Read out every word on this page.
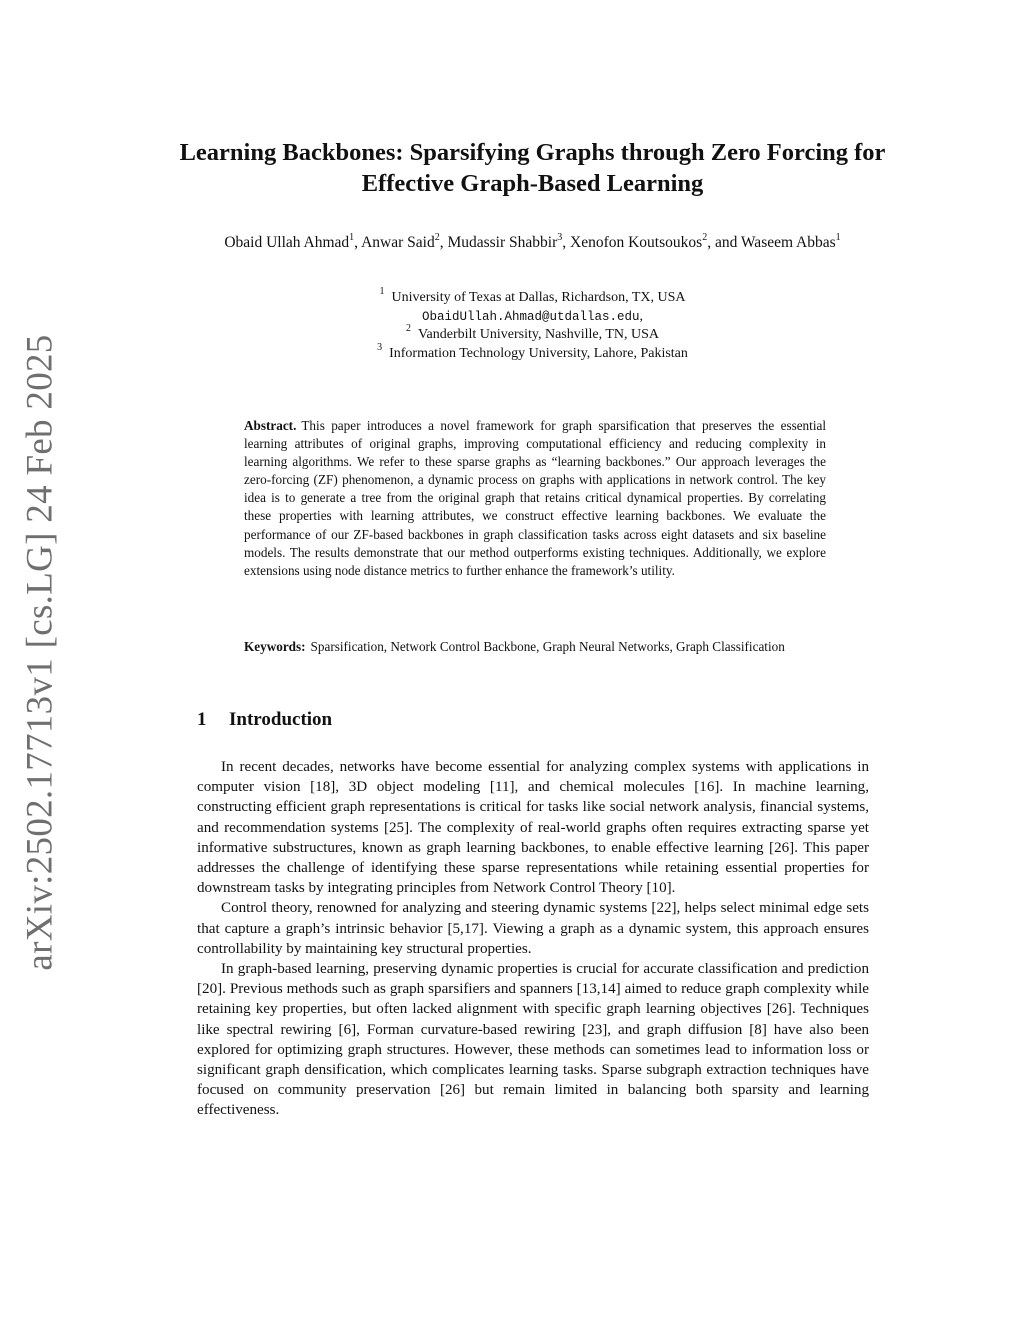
arXiv:2502.17713v1 [cs.LG] 24 Feb 2025
Learning Backbones: Sparsifying Graphs through Zero Forcing for Effective Graph-Based Learning
Obaid Ullah Ahmad$^1$, Anwar Said$^2$, Mudassir Shabbir$^3$, Xenofon Koutsoukos$^2$, and Waseem Abbas$^1$
$^1$ University of Texas at Dallas, Richardson, TX, USA
ObaidUllah.Ahmad@utdallas.edu,
$^2$ Vanderbilt University, Nashville, TN, USA
$^3$ Information Technology University, Lahore, Pakistan

Abstract. This paper introduces a novel framework for graph sparsification that preserves the essential learning attributes of original graphs, improving computational efficiency and reducing complexity in learning algorithms. We refer to these sparse graphs as “learning backbones.” Our approach leverages the zero-forcing (ZF) phenomenon, a dynamic process on graphs with applications in network control. The key idea is to generate a tree from the original graph that retains critical dynamical properties. By correlating these properties with learning attributes, we construct effective learning backbones. We evaluate the performance of our ZF-based backbones in graph classification tasks across eight datasets and six baseline models. The results demonstrate that our method outperforms existing techniques. Additionally, we explore extensions using node distance metrics to further enhance the framework’s utility.

Keywords: Sparsification, Network Control Backbone, Graph Neural Networks, Graph Classification

1 Introduction

In recent decades, networks have become essential for analyzing complex systems with applications in computer vision [18], 3D object modeling [11], and chemical molecules [16]. In machine learning, constructing efficient graph representations is critical for tasks like social network analysis, financial systems, and recommendation systems [25]. The complexity of real-world graphs often requires extracting sparse yet informative substructures, known as graph learning backbones, to enable effective learning [26]. This paper addresses the challenge of identifying these sparse representations while retaining essential properties for downstream tasks by integrating principles from Network Control Theory [10].

Control theory, renowned for analyzing and steering dynamic systems [22], helps select minimal edge sets that capture a graph’s intrinsic behavior [5,17]. Viewing a graph as a dynamic system, this approach ensures controllability by maintaining key structural properties.

In graph-based learning, preserving dynamic properties is crucial for accurate classification and prediction [20]. Previous methods such as graph sparsifiers and spanners [13,14] aimed to reduce graph complexity while retaining key properties, but often lacked alignment with specific graph learning objectives [26]. Techniques like spectral rewiring [6], Forman curvature-based rewiring [23], and graph diffusion [8] have also been explored for optimizing graph structures. However, these methods can sometimes lead to information loss or significant graph densification, which complicates learning tasks. Sparse subgraph extraction techniques have focused on community preservation [26] but remain limited in balancing both sparsity and learning effectiveness.
